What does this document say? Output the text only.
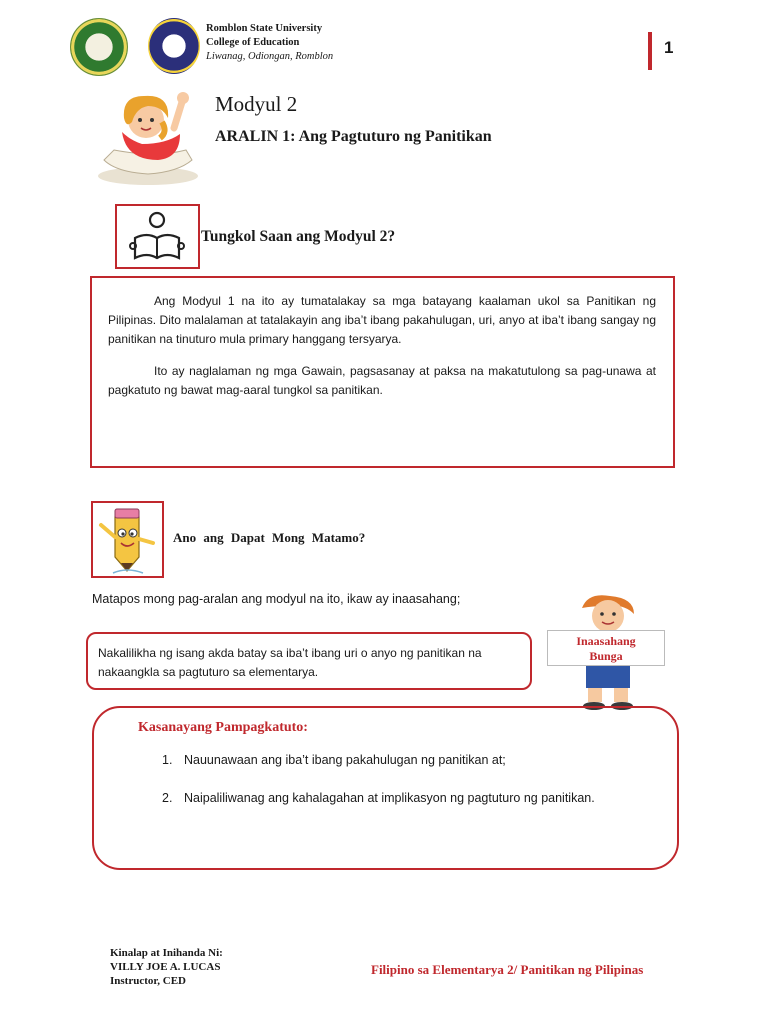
Romblon State University
College of Education
Liwanag, Odiongan, Romblon	1
Modyul 2
ARALIN 1: Ang Pagtuturo ng Panitikan
Tungkol Saan ang Modyul 2?

Ang Modyul 1 na ito ay tumatalakay sa mga batayang kaalaman ukol sa Panitikan ng Pilipinas. Dito malalaman at tatalakayin ang iba’t ibang pakahulugan, uri, anyo at iba’t ibang sangay ng panitikan na tinuturo mula primary hanggang tersyarya.

Ito ay naglalaman ng mga Gawain, pagsasanay at paksa na makatutulong sa pag-unawa at pagkatuto ng bawat mag-aaral tungkol sa panitikan.

Ano ang Dapat Mong Matamo?
Matapos mong pag-aralan ang modyul na ito, ikaw ay inaasahang;

Nakalilikha ng isang akda batay sa iba’t ibang uri o anyo ng panitikan na nakaangkla sa pagtuturo sa elementarya.

Inaasahang
Bunga
Kasanayang Pampagkatuto:
1. Nauunawaan ang iba’t ibang pakahulugan ng panitikan at;
2. Naipaliliwanag ang kahalagahan at implikasyon ng pagtuturo ng panitikan.
Kinalap at Inihanda Ni:
VILLY JOE A. LUCAS
Instructor, CED
Filipino sa Elementarya 2/ Panitikan ng Pilipinas
